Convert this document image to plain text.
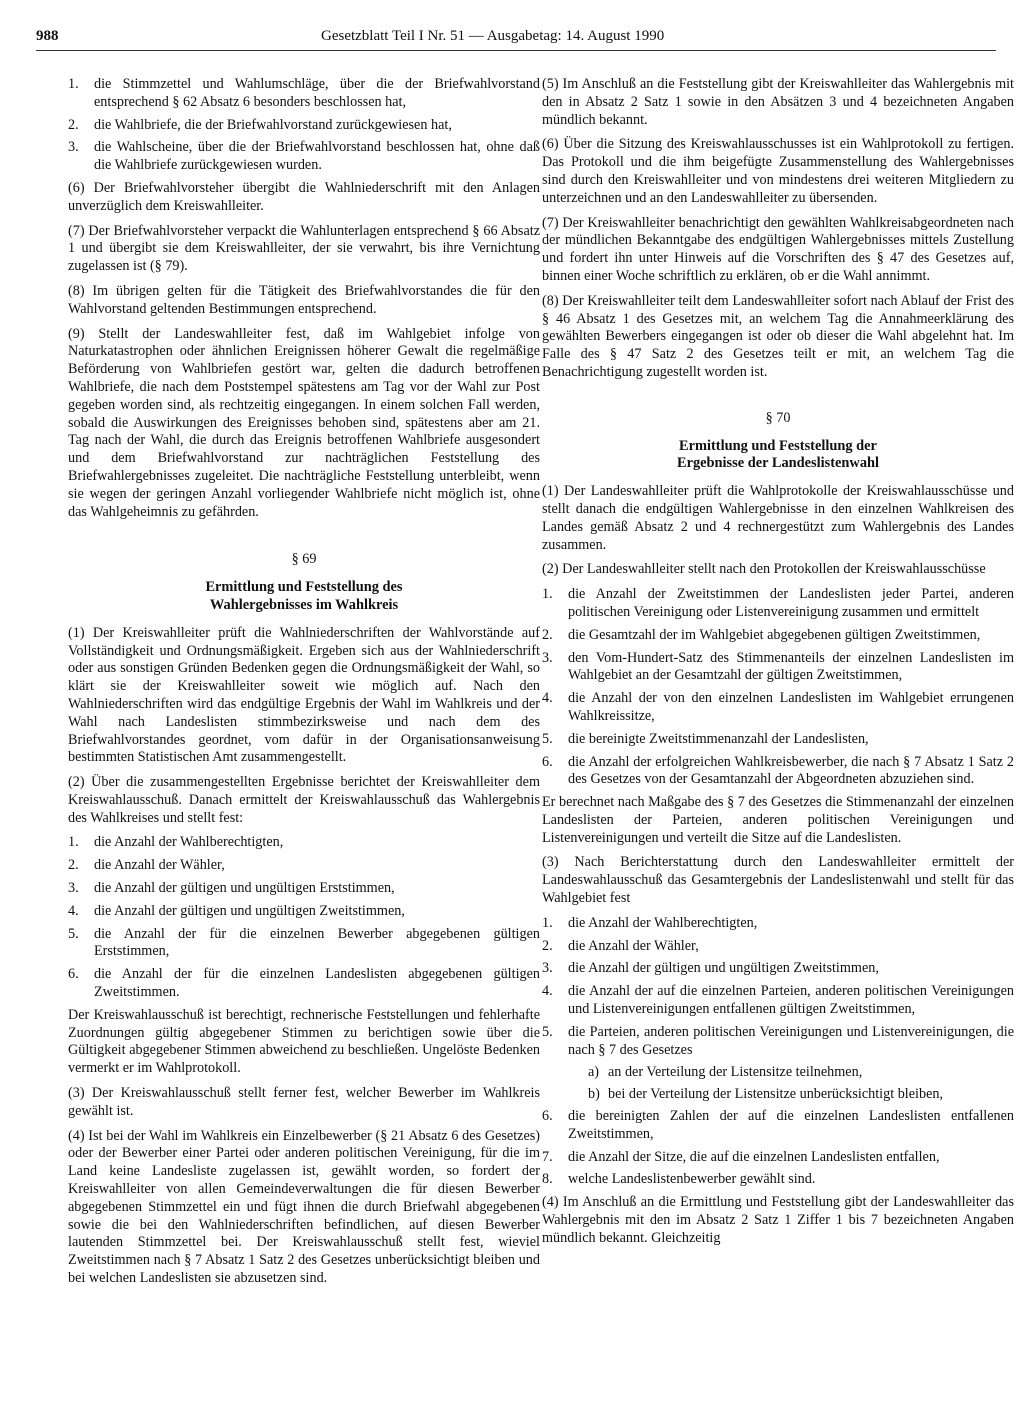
988	Gesetzblatt Teil I Nr. 51 — Ausgabetag: 14. August 1990
1.	die Stimmzettel und Wahlumschläge, über die der Briefwahlvorstand entsprechend § 62 Absatz 6 besonders beschlossen hat,
2.	die Wahlbriefe, die der Briefwahlvorstand zurückgewiesen hat,
3.	die Wahlscheine, über die der Briefwahlvorstand beschlossen hat, ohne daß die Wahlbriefe zurückgewiesen wurden.

(6) Der Briefwahlvorsteher übergibt die Wahlniederschrift mit den Anlagen unverzüglich dem Kreiswahlleiter.

(7) Der Briefwahlvorsteher verpackt die Wahlunterlagen entsprechend § 66 Absatz 1 und übergibt sie dem Kreiswahlleiter, der sie verwahrt, bis ihre Vernichtung zugelassen ist (§ 79).

(8) Im übrigen gelten für die Tätigkeit des Briefwahlvorstandes die für den Wahlvorstand geltenden Bestimmungen entsprechend.

(9) Stellt der Landeswahlleiter fest, daß im Wahlgebiet infolge von Naturkatastrophen oder ähnlichen Ereignissen höherer Gewalt die regelmäßige Beförderung von Wahlbriefen gestört war, gelten die dadurch betroffenen Wahlbriefe, die nach dem Poststempel spätestens am Tag vor der Wahl zur Post gegeben worden sind, als rechtzeitig eingegangen. In einem solchen Fall werden, sobald die Auswirkungen des Ereignisses behoben sind, spätestens aber am 21. Tag nach der Wahl, die durch das Ereignis betroffenen Wahlbriefe ausgesondert und dem Briefwahlvorstand zur nachträglichen Feststellung des Briefwahlergebnisses zugeleitet. Die nachträgliche Feststellung unterbleibt, wenn sie wegen der geringen Anzahl vorliegender Wahlbriefe nicht möglich ist, ohne das Wahlgeheimnis zu gefährden.

§ 69
Ermittlung und Feststellung des
Wahlergebnisses im Wahlkreis

(1) Der Kreiswahlleiter prüft die Wahlniederschriften der Wahlvorstände auf Vollständigkeit und Ordnungsmäßigkeit. Ergeben sich aus der Wahlniederschrift oder aus sonstigen Gründen Bedenken gegen die Ordnungsmäßigkeit der Wahl, so klärt sie der Kreiswahlleiter soweit wie möglich auf. Nach den Wahlniederschriften wird das endgültige Ergebnis der Wahl im Wahlkreis und der Wahl nach Landeslisten stimmbezirksweise und nach dem des Briefwahlvorstandes geordnet, vom dafür in der Organisationsanweisung bestimmten Statistischen Amt zusammengestellt.

(2) Über die zusammengestellten Ergebnisse berichtet der Kreiswahlleiter dem Kreiswahlausschuß. Danach ermittelt der Kreiswahlausschuß das Wahlergebnis des Wahlkreises und stellt fest:

1.	die Anzahl der Wahlberechtigten,
2.	die Anzahl der Wähler,
3.	die Anzahl der gültigen und ungültigen Erststimmen,
4.	die Anzahl der gültigen und ungültigen Zweitstimmen,
5.	die Anzahl der für die einzelnen Bewerber abgegebenen gültigen Erststimmen,
6.	die Anzahl der für die einzelnen Landeslisten abgegebenen gültigen Zweitstimmen.

Der Kreiswahlausschuß ist berechtigt, rechnerische Feststellungen und fehlerhafte Zuordnungen gültig abgegebener Stimmen zu berichtigen sowie über die Gültigkeit abgegebener Stimmen abweichend zu beschließen. Ungelöste Bedenken vermerkt er im Wahlprotokoll.

(3) Der Kreiswahlausschuß stellt ferner fest, welcher Bewerber im Wahlkreis gewählt ist.

(4) Ist bei der Wahl im Wahlkreis ein Einzelbewerber (§ 21 Absatz 6 des Gesetzes) oder der Bewerber einer Partei oder anderen politischen Vereinigung, für die im Land keine Landesliste zugelassen ist, gewählt worden, so fordert der Kreiswahlleiter von allen Gemeindeverwaltungen die für diesen Bewerber abgegebenen Stimmzettel ein und fügt ihnen die durch Briefwahl abgegebenen sowie die bei den Wahlniederschriften befindlichen, auf diesen Bewerber lautenden Stimmzettel bei. Der Kreiswahlausschuß stellt fest, wieviel Zweitstimmen nach § 7 Absatz 1 Satz 2 des Gesetzes unberücksichtigt bleiben und bei welchen Landeslisten sie abzusetzen sind.

(5) Im Anschluß an die Feststellung gibt der Kreiswahlleiter das Wahlergebnis mit den in Absatz 2 Satz 1 sowie in den Absätzen 3 und 4 bezeichneten Angaben mündlich bekannt.

(6) Über die Sitzung des Kreiswahlausschusses ist ein Wahlprotokoll zu fertigen. Das Protokoll und die ihm beigefügte Zusammenstellung des Wahlergebnisses sind durch den Kreiswahlleiter und von mindestens drei weiteren Mitgliedern zu unterzeichnen und an den Landeswahlleiter zu übersenden.

(7) Der Kreiswahlleiter benachrichtigt den gewählten Wahlkreisabgeordneten nach der mündlichen Bekanntgabe des endgültigen Wahlergebnisses mittels Zustellung und fordert ihn unter Hinweis auf die Vorschriften des § 47 des Gesetzes auf, binnen einer Woche schriftlich zu erklären, ob er die Wahl annimmt.

(8) Der Kreiswahlleiter teilt dem Landeswahlleiter sofort nach Ablauf der Frist des § 46 Absatz 1 des Gesetzes mit, an welchem Tag die Annahmeerklärung des gewählten Bewerbers eingegangen ist oder ob dieser die Wahl abgelehnt hat. Im Falle des § 47 Satz 2 des Gesetzes teilt er mit, an welchem Tag die Benachrichtigung zugestellt worden ist.

§ 70
Ermittlung und Feststellung der
Ergebnisse der Landeslistenwahl

(1) Der Landeswahlleiter prüft die Wahlprotokolle der Kreiswahlausschüsse und stellt danach die endgültigen Wahlergebnisse in den einzelnen Wahlkreisen des Landes gemäß Absatz 2 und 4 rechnergestützt zum Wahlergebnis des Landes zusammen.

(2) Der Landeswahlleiter stellt nach den Protokollen der Kreiswahlausschüsse

1.	die Anzahl der Zweitstimmen der Landeslisten jeder Partei, anderen politischen Vereinigung oder Listenvereinigung zusammen und ermittelt
2.	die Gesamtzahl der im Wahlgebiet abgegebenen gültigen Zweitstimmen,
3.	den Vom-Hundert-Satz des Stimmenanteils der einzelnen Landeslisten im Wahlgebiet an der Gesamtzahl der gültigen Zweitstimmen,
4.	die Anzahl der von den einzelnen Landeslisten im Wahlgebiet errungenen Wahlkreissitze,
5.	die bereinigte Zweitstimmenanzahl der Landeslisten,
6.	die Anzahl der erfolgreichen Wahlkreisbewerber, die nach § 7 Absatz 1 Satz 2 des Gesetzes von der Gesamtanzahl der Abgeordneten abzuziehen sind.

Er berechnet nach Maßgabe des § 7 des Gesetzes die Stimmenanzahl der einzelnen Landeslisten der Parteien, anderen politischen Vereinigungen und Listenvereinigungen und verteilt die Sitze auf die Landeslisten.

(3) Nach Berichterstattung durch den Landeswahlleiter ermittelt der Landeswahlausschuß das Gesamtergebnis der Landeslistenwahl und stellt für das Wahlgebiet fest

1.	die Anzahl der Wahlberechtigten,
2.	die Anzahl der Wähler,
3.	die Anzahl der gültigen und ungültigen Zweitstimmen,
4.	die Anzahl der auf die einzelnen Parteien, anderen politischen Vereinigungen und Listenvereinigungen entfallenen gültigen Zweitstimmen,
5.	die Parteien, anderen politischen Vereinigungen und Listenvereinigungen, die nach § 7 des Gesetzes
a) an der Verteilung der Listensitze teilnehmen,
b) bei der Verteilung der Listensitze unberücksichtigt bleiben,
6.	die bereinigten Zahlen der auf die einzelnen Landeslisten entfallenen Zweitstimmen,
7.	die Anzahl der Sitze, die auf die einzelnen Landeslisten entfallen,
8.	welche Landeslistenbewerber gewählt sind.

(4) Im Anschluß an die Ermittlung und Feststellung gibt der Landeswahlleiter das Wahlergebnis mit den im Absatz 2 Satz 1 Ziffer 1 bis 7 bezeichneten Angaben mündlich bekannt. Gleichzeitig
